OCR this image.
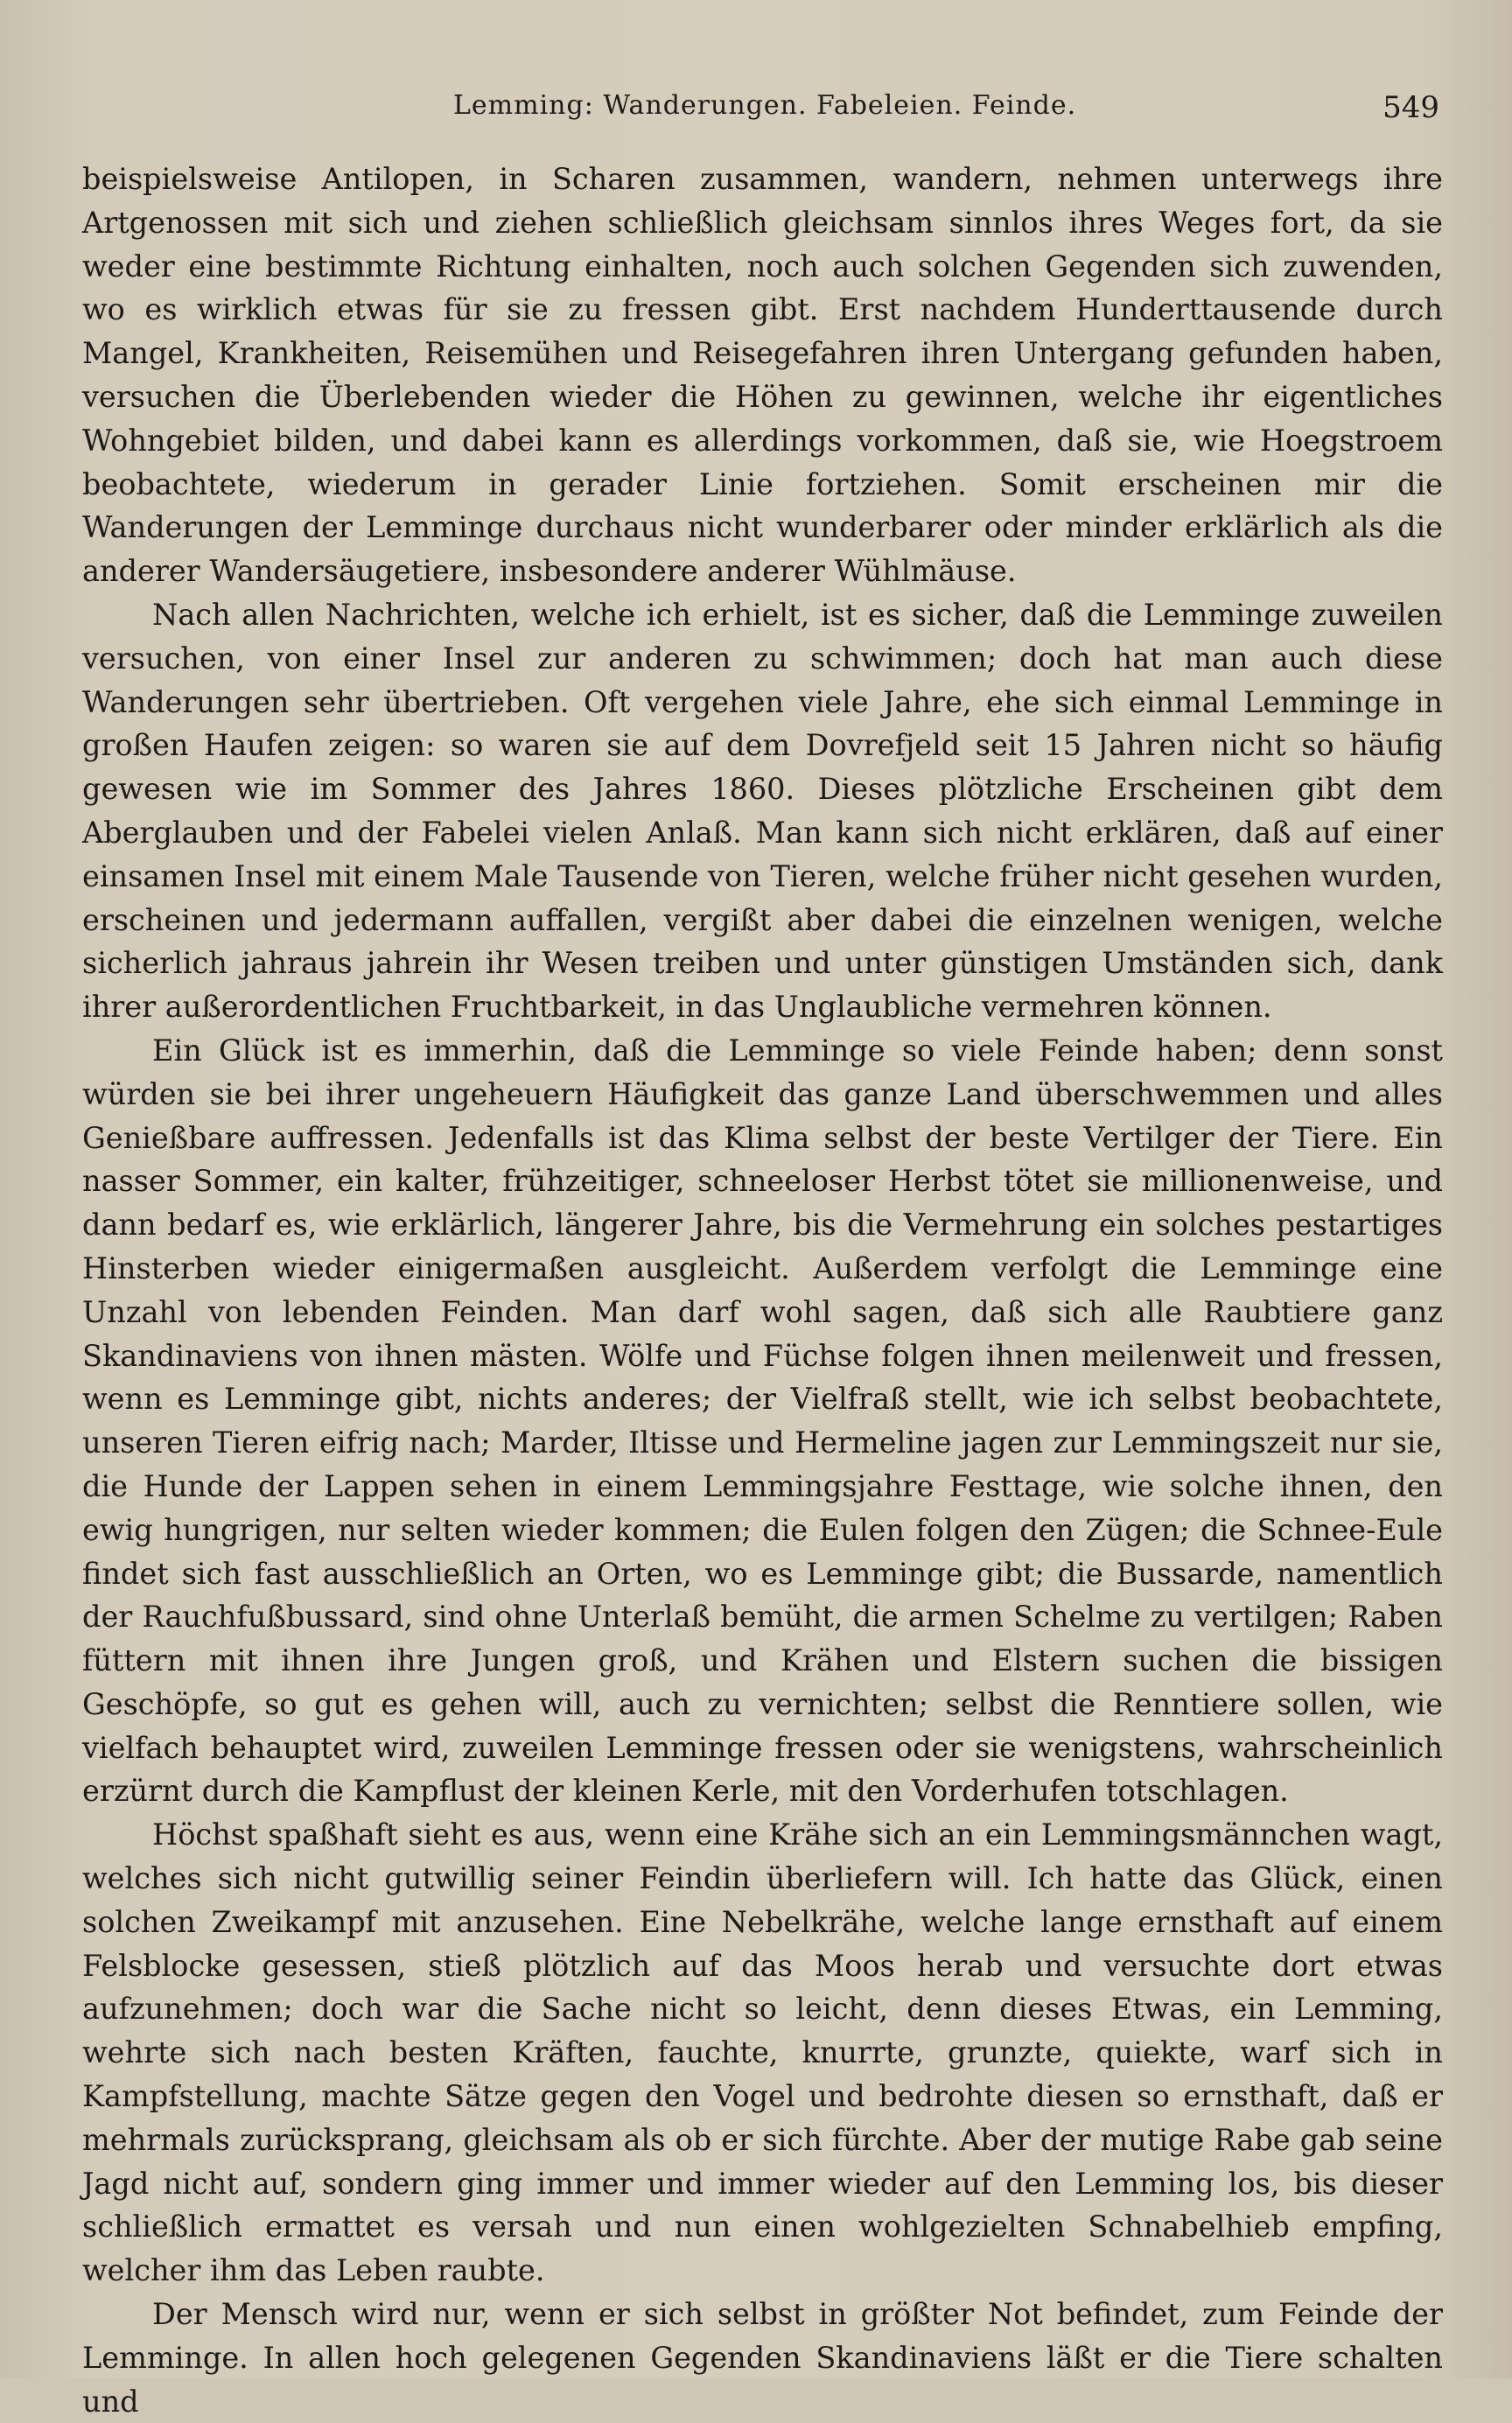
Lemming: Wanderungen. Fabeleien. Feinde.	549

beispielsweise Antilopen, in Scharen zusammen, wandern, nehmen unterwegs ihre Artgenossen mit sich und ziehen schließlich gleichsam sinnlos ihres Weges fort, da sie weder eine bestimmte Richtung einhalten, noch auch solchen Gegenden sich zuwenden, wo es wirklich etwas für sie zu fressen gibt. Erst nachdem Hunderttausende durch Mangel, Krankheiten, Reisemühen und Reisegefahren ihren Untergang gefunden haben, versuchen die Überlebenden wieder die Höhen zu gewinnen, welche ihr eigentliches Wohngebiet bilden, und dabei kann es allerdings vorkommen, daß sie, wie Hoegstroem beobachtete, wiederum in gerader Linie fortziehen. Somit erscheinen mir die Wanderungen der Lemminge durchaus nicht wunderbarer oder minder erklärlich als die anderer Wandersäugetiere, insbesondere anderer Wühlmäuse.

Nach allen Nachrichten, welche ich erhielt, ist es sicher, daß die Lemminge zuweilen versuchen, von einer Insel zur anderen zu schwimmen; doch hat man auch diese Wanderungen sehr übertrieben. Oft vergehen viele Jahre, ehe sich einmal Lemminge in großen Haufen zeigen: so waren sie auf dem Dovrefjeld seit 15 Jahren nicht so häufig gewesen wie im Sommer des Jahres 1860. Dieses plötzliche Erscheinen gibt dem Aberglauben und der Fabelei vielen Anlaß. Man kann sich nicht erklären, daß auf einer einsamen Insel mit einem Male Tausende von Tieren, welche früher nicht gesehen wurden, erscheinen und jedermann auffallen, vergißt aber dabei die einzelnen wenigen, welche sicherlich jahraus jahrein ihr Wesen treiben und unter günstigen Umständen sich, dank ihrer außerordentlichen Fruchtbarkeit, in das Unglaubliche vermehren können.

Ein Glück ist es immerhin, daß die Lemminge so viele Feinde haben; denn sonst würden sie bei ihrer ungeheuern Häufigkeit das ganze Land überschwemmen und alles Genießbare auffressen. Jedenfalls ist das Klima selbst der beste Vertilger der Tiere. Ein nasser Sommer, ein kalter, frühzeitiger, schneeloser Herbst tötet sie millionenweise, und dann bedarf es, wie erklärlich, längerer Jahre, bis die Vermehrung ein solches pestartiges Hinsterben wieder einigermaßen ausgleicht. Außerdem verfolgt die Lemminge eine Unzahl von lebenden Feinden. Man darf wohl sagen, daß sich alle Raubtiere ganz Skandinaviens von ihnen mästen. Wölfe und Füchse folgen ihnen meilenweit und fressen, wenn es Lemminge gibt, nichts anderes; der Vielfraß stellt, wie ich selbst beobachtete, unseren Tieren eifrig nach; Marder, Iltisse und Hermeline jagen zur Lemmingszeit nur sie, die Hunde der Lappen sehen in einem Lemmingsjahre Festtage, wie solche ihnen, den ewig hungrigen, nur selten wieder kommen; die Eulen folgen den Zügen; die Schnee-Eule findet sich fast ausschließlich an Orten, wo es Lemminge gibt; die Bussarde, namentlich der Rauchfußbussard, sind ohne Unterlaß bemüht, die armen Schelme zu vertilgen; Raben füttern mit ihnen ihre Jungen groß, und Krähen und Elstern suchen die bissigen Geschöpfe, so gut es gehen will, auch zu vernichten; selbst die Renntiere sollen, wie vielfach behauptet wird, zuweilen Lemminge fressen oder sie wenigstens, wahrscheinlich erzürnt durch die Kampflust der kleinen Kerle, mit den Vorderhufen totschlagen.

Höchst spaßhaft sieht es aus, wenn eine Krähe sich an ein Lemmingsmännchen wagt, welches sich nicht gutwillig seiner Feindin überliefern will. Ich hatte das Glück, einen solchen Zweikampf mit anzusehen. Eine Nebelkrähe, welche lange ernsthaft auf einem Felsblocke gesessen, stieß plötzlich auf das Moos herab und versuchte dort etwas aufzunehmen; doch war die Sache nicht so leicht, denn dieses Etwas, ein Lemming, wehrte sich nach besten Kräften, fauchte, knurrte, grunzte, quiekte, warf sich in Kampfstellung, machte Sätze gegen den Vogel und bedrohte diesen so ernsthaft, daß er mehrmals zurücksprang, gleichsam als ob er sich fürchte. Aber der mutige Rabe gab seine Jagd nicht auf, sondern ging immer und immer wieder auf den Lemming los, bis dieser schließlich ermattet es versah und nun einen wohlgezielten Schnabelhieb empfing, welcher ihm das Leben raubte.

Der Mensch wird nur, wenn er sich selbst in größter Not befindet, zum Feinde der Lemminge. In allen hoch gelegenen Gegenden Skandinaviens läßt er die Tiere schalten und
